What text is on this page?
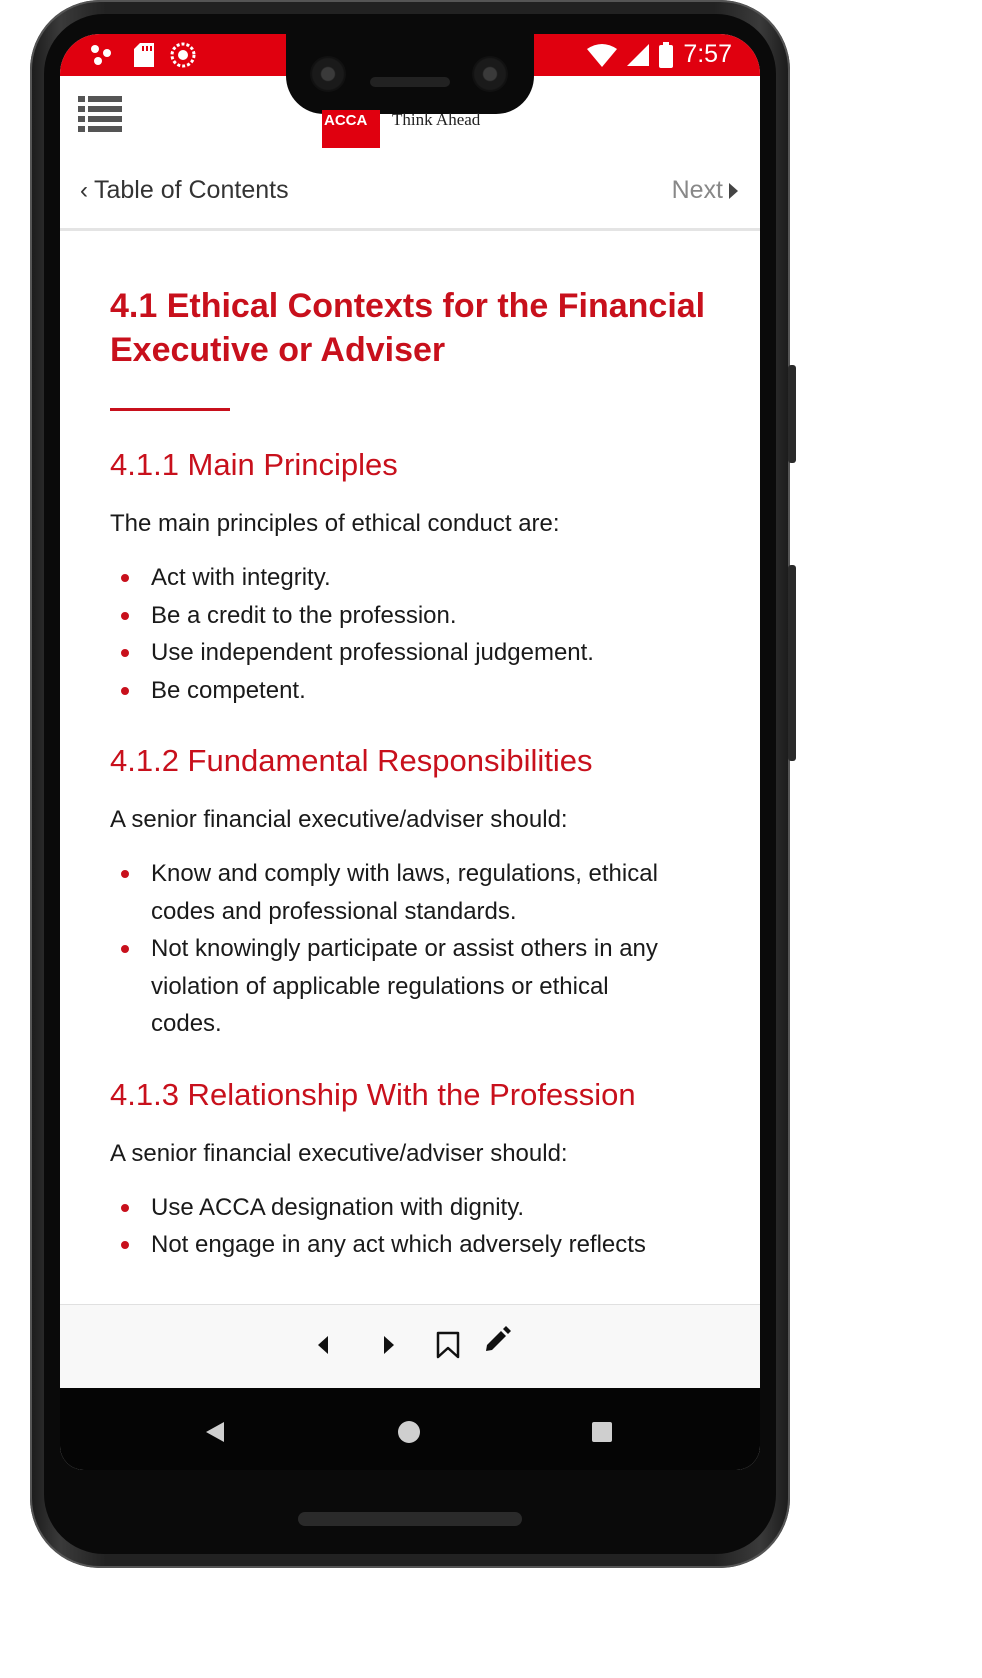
7:57
ACCA	Think Ahead
‹ Table of Contents	Next
4.1 Ethical Contexts for the Financial Executive or Adviser
4.1.1 Main Principles

The main principles of ethical conduct are:

Act with integrity.
Be a credit to the profession.
Use independent professional judgement.
Be competent.
4.1.2 Fundamental Responsibilities

A senior financial executive/adviser should:

Know and comply with laws, regulations, ethical codes and professional standards.
Not knowingly participate or assist others in any violation of applicable regulations or ethical codes.
4.1.3 Relationship With the Profession

A senior financial executive/adviser should:

Use ACCA designation with dignity.
Not engage in any act which adversely reflects
